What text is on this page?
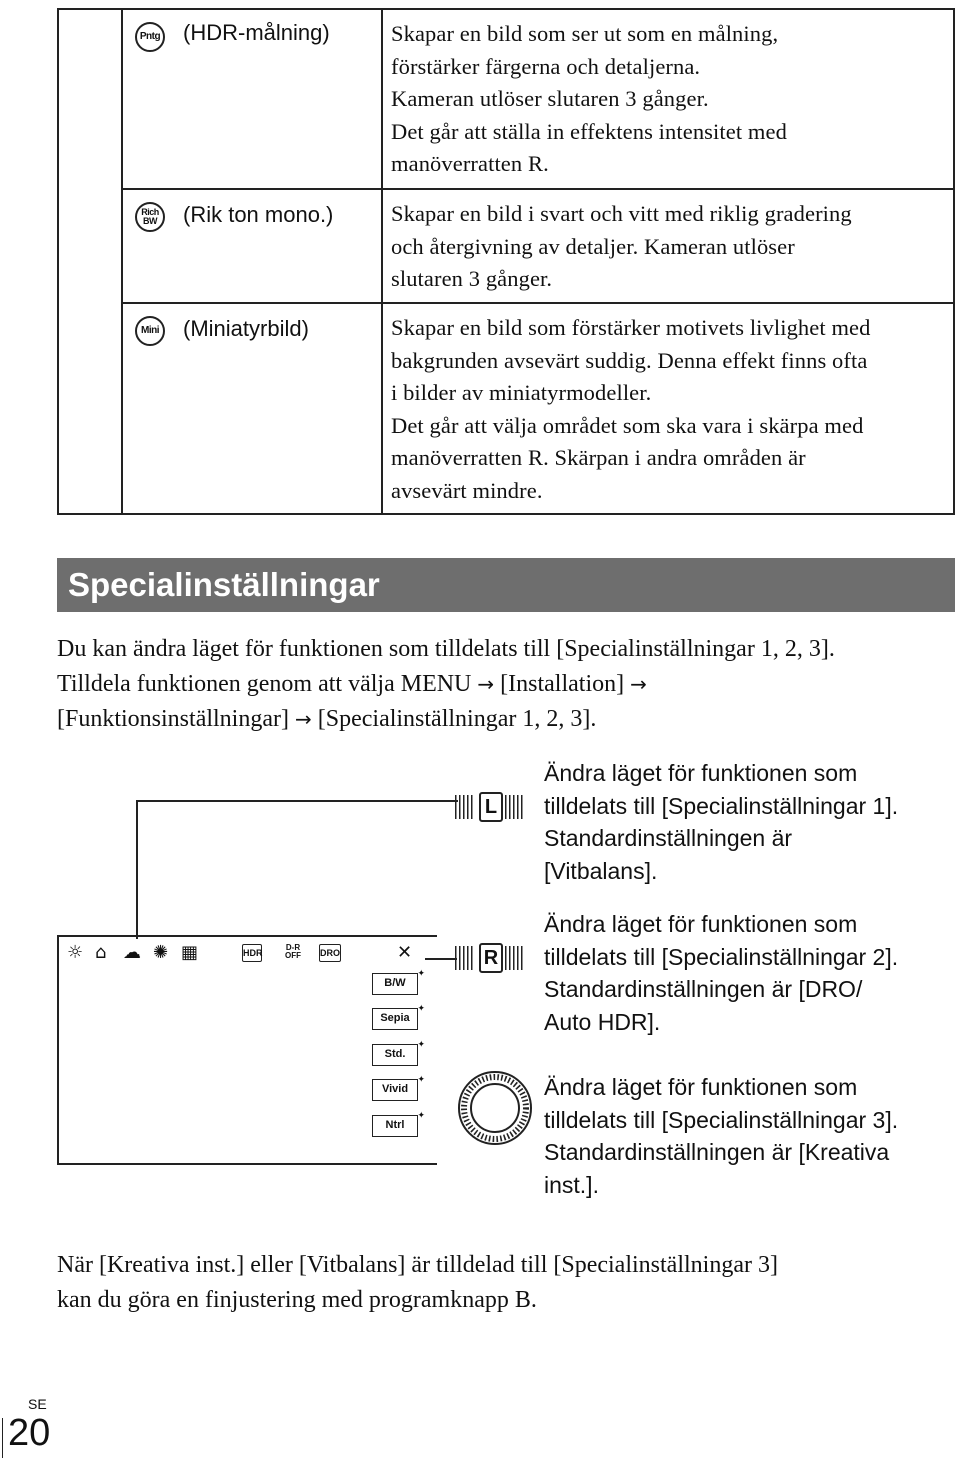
Pntg (HDR-målning)	Skapar en bild som ser ut som en målning,
förstärker färgerna och detaljerna.
Kameran utlöser slutaren 3 gånger.
Det går att ställa in effektens intensitet med
manöverratten R.
Rich BW (Rik ton mono.)	Skapar en bild i svart och vitt med riklig gradering
och återgivning av detaljer. Kameran utlöser
slutaren 3 gånger.
Mini (Miniatyrbild)	Skapar en bild som förstärker motivets livlighet med
bakgrunden avsevärt suddig. Denna effekt finns ofta
i bilder av miniatyrmodeller.
Det går att välja området som ska vara i skärpa med
manöverratten R. Skärpan i andra områden är
avsevärt mindre.
Specialinställningar
Du kan ändra läget för funktionen som tilldelats till [Specialinställningar 1, 2, 3].
Tilldela funktionen genom att välja MENU → [Installation] →
[Funktionsinställningar] → [Specialinställningar 1, 2, 3].
☼ ⌂ ☁ ✺ ▦	HDR
D-R OFF	DRO	✕
B/W ✦
Sepia ✦
Std. ✦
Vivid ✦
Ntrl ✦
L
R
Ändra läget för funktionen som
tilldelats till [Specialinställningar 1].
Standardinställningen är
[Vitbalans].
Ändra läget för funktionen som
tilldelats till [Specialinställningar 2].
Standardinställningen är [DRO/
Auto HDR].
Ändra läget för funktionen som
tilldelats till [Specialinställningar 3].
Standardinställningen är [Kreativa
inst.].
När [Kreativa inst.] eller [Vitbalans] är tilldelad till [Specialinställningar 3]
kan du göra en finjustering med programknapp B.
SE
20
